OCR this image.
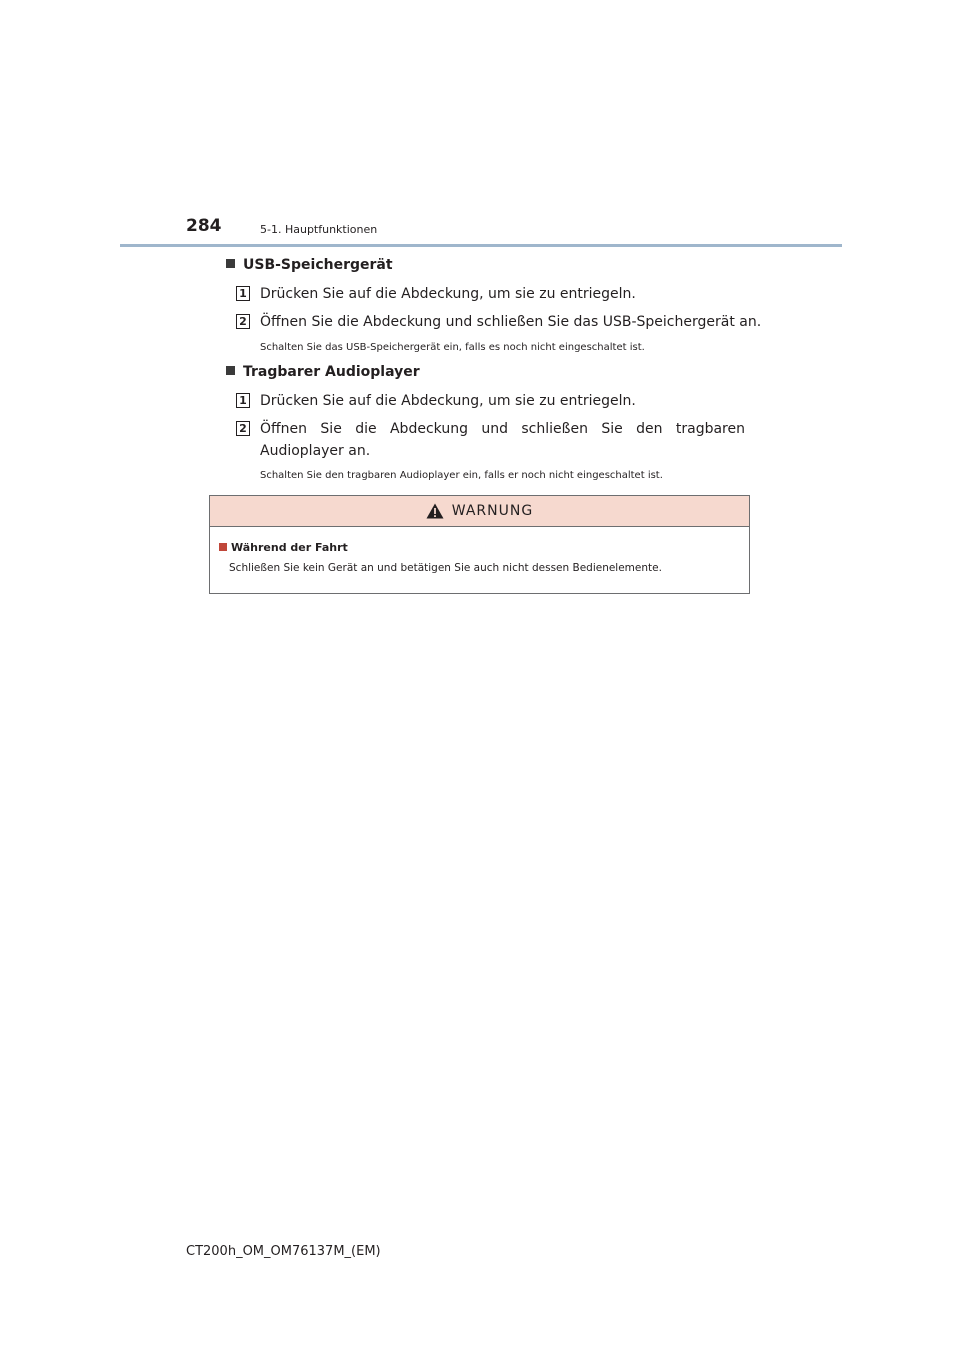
284	5-1. Hauptfunktionen
USB-Speichergerät
1 Drücken Sie auf die Abdeckung, um sie zu entriegeln.
2 Öffnen Sie die Abdeckung und schließen Sie das USB-Speichergerät an.
Schalten Sie das USB-Speichergerät ein, falls es noch nicht eingeschaltet ist.
Tragbarer Audioplayer
1 Drücken Sie auf die Abdeckung, um sie zu entriegeln.
2 Öffnen Sie die Abdeckung und schließen Sie den tragbaren Audioplayer an.
Schalten Sie den tragbaren Audioplayer ein, falls er noch nicht eingeschaltet ist.
WARNUNG
Während der Fahrt
Schließen Sie kein Gerät an und betätigen Sie auch nicht dessen Bedienelemente.
CT200h_OM_OM76137M_(EM)
